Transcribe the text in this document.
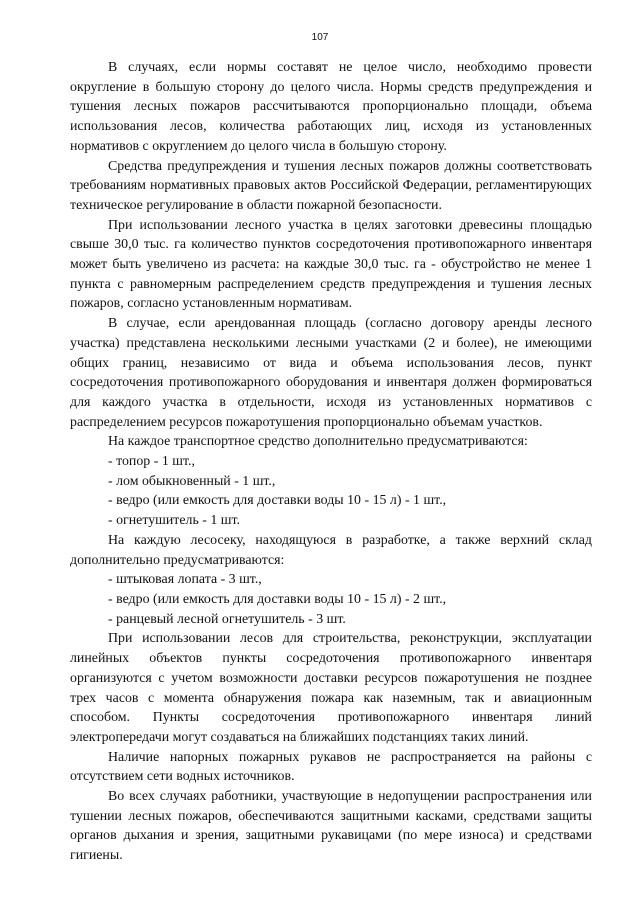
107

В случаях, если нормы составят не целое число, необходимо провести округление в большую сторону до целого числа. Нормы средств предупреждения и тушения лесных пожаров рассчитываются пропорционально площади, объема использования лесов, количества работающих лиц, исходя из установленных нормативов с округлением до целого числа в большую сторону.

Средства предупреждения и тушения лесных пожаров должны соответствовать требованиям нормативных правовых актов Российской Федерации, регламентирующих техническое регулирование в области пожарной безопасности.

При использовании лесного участка в целях заготовки древесины площадью свыше 30,0 тыс. га количество пунктов сосредоточения противопожарного инвентаря может быть увеличено из расчета: на каждые 30,0 тыс. га - обустройство не менее 1 пункта с равномерным распределением средств предупреждения и тушения лесных пожаров, согласно установленным нормативам.

В случае, если арендованная площадь (согласно договору аренды лесного участка) представлена несколькими лесными участками (2 и более), не имеющими общих границ, независимо от вида и объема использования лесов, пункт сосредоточения противопожарного оборудования и инвентаря должен формироваться для каждого участка в отдельности, исходя из установленных нормативов с распределением ресурсов пожаротушения пропорционально объемам участков.

На каждое транспортное средство дополнительно предусматриваются:

- топор - 1 шт.,

- лом обыкновенный - 1 шт.,

- ведро (или емкость для доставки воды 10 - 15 л) - 1 шт.,

- огнетушитель - 1 шт.

На каждую лесосеку, находящуюся в разработке, а также верхний склад дополнительно предусматриваются:

- штыковая лопата - 3 шт.,

- ведро (или емкость для доставки воды 10 - 15 л) - 2 шт.,

- ранцевый лесной огнетушитель - 3 шт.

При использовании лесов для строительства, реконструкции, эксплуатации линейных объектов пункты сосредоточения противопожарного инвентаря организуются с учетом возможности доставки ресурсов пожаротушения не позднее трех часов с момента обнаружения пожара как наземным, так и авиационным способом. Пункты сосредоточения противопожарного инвентаря линий электропередачи могут создаваться на ближайших подстанциях таких линий.

Наличие напорных пожарных рукавов не распространяется на районы с отсутствием сети водных источников.

Во всех случаях работники, участвующие в недопущении распространения или тушении лесных пожаров, обеспечиваются защитными касками, средствами защиты органов дыхания и зрения, защитными рукавицами (по мере износа) и средствами гигиены.
